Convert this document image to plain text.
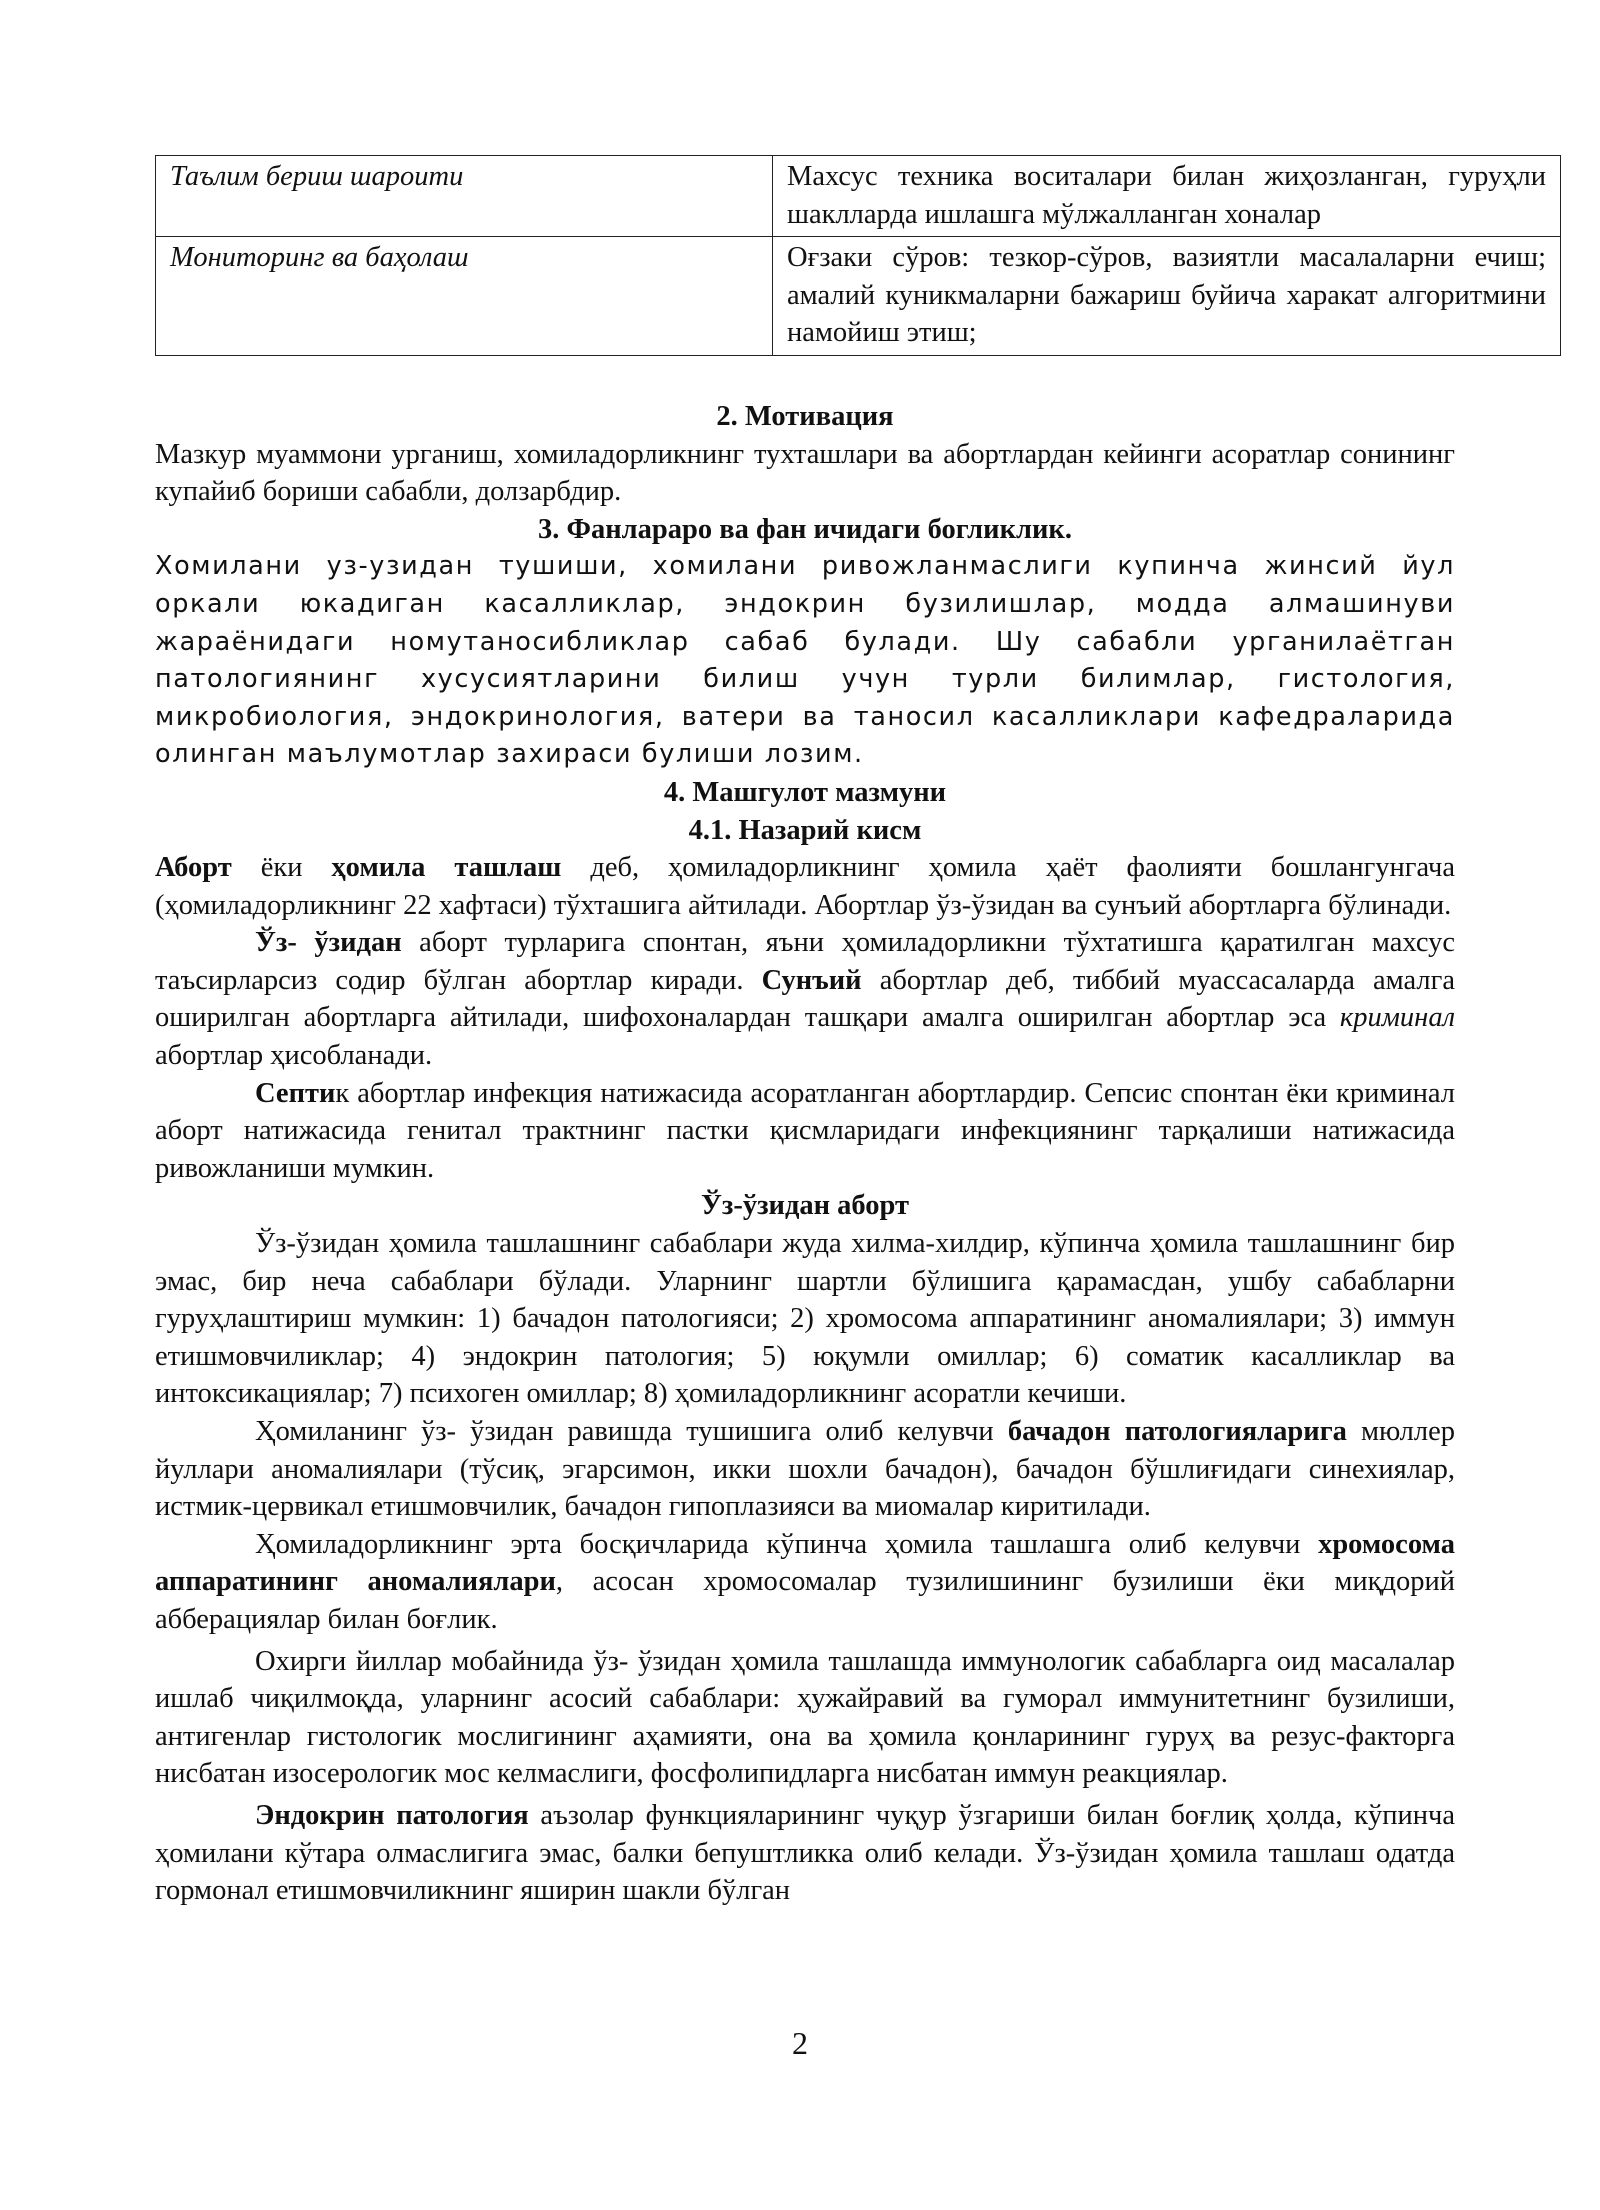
Таълим бериш шароити	Махсус техника воситалари билан жиҳозланган, гуруҳли шаклларда ишлашга мўлжалланган хоналар
Мониторинг ва баҳолаш	Оғзаки сўров: тезкор-сўров, вазиятли масалаларни ечиш; амалий куникмаларни бажариш буйича харакат алгоритмини намойиш этиш;
2. Мотивация

Мазкур муаммони урганиш, хомиладорликнинг тухташлари ва абортлардан кейинги асоратлар сонининг купайиб бориши сабабли, долзарбдир.

3. Фанлараро ва фан ичидаги богликлик.

Хомилани уз-узидан тушиши, хомилани ривожланмаслиги купинча жинсий йул оркали юкадиган касалликлар, эндокрин бузилишлар, модда алмашинуви жараёнидаги номутаносибликлар сабаб булади. Шу сабабли урганилаётган патологиянинг хусусиятларини билиш учун турли билимлар, гистология, микробиология, эндокринология, ватери ва таносил касалликлари кафедраларида олинган маълумотлар захираси булиши лозим.

4. Машгулот мазмуни
4.1. Назарий кисм

Аборт ёки ҳомила ташлаш деб, ҳомиладорликнинг ҳомила ҳаёт фаолияти бошлангунгача (ҳомиладорликнинг 22 хафтаси) тўхташига айтилади. Абортлар ўз-ўзидан ва сунъий абортларга бўлинади.

Ўз- ўзидан аборт турларига спонтан, яъни ҳомиладорликни тўхтатишга қаратилган махсус таъсирларсиз содир бўлган абортлар киради. Сунъий абортлар деб, тиббий муассасаларда амалга оширилган абортларга айтилади, шифохоналардан ташқари амалга оширилган абортлар эса криминал абортлар ҳисобланади.

Септик абортлар инфекция натижасида асоратланган абортлардир. Сепсис спонтан ёки криминал аборт натижасида генитал трактнинг пастки қисмларидаги инфекциянинг тарқалиши натижасида ривожланиши мумкин.

Ўз-ўзидан аборт

Ўз-ўзидан ҳомила ташлашнинг сабаблари жуда хилма-хилдир, кўпинча ҳомила ташлашнинг бир эмас, бир неча сабаблари бўлади. Уларнинг шартли бўлишига қарамасдан, ушбу сабабларни гуруҳлаштириш мумкин: 1) бачадон патологияси; 2) хромосома аппаратининг аномалиялари; 3) иммун етишмовчиликлар; 4) эндокрин патология; 5) юқумли омиллар; 6) соматик касалликлар ва интоксикациялар; 7) психоген омиллар; 8) ҳомиладорликнинг асоратли кечиши.

Ҳомиланинг ўз- ўзидан равишда тушишига олиб келувчи бачадон патологияларига мюллер йуллари аномалиялари (тўсиқ, эгарсимон, икки шохли бачадон), бачадон бўшлиғидаги синехиялар, истмик-цервикал етишмовчилик, бачадон гипоплазияси ва миомалар киритилади.

Ҳомиладорликнинг эрта босқичларида кўпинча ҳомила ташлашга олиб келувчи хромосома аппаратининг аномалиялари, асосан хромосомалар тузилишининг бузилиши ёки миқдорий абберациялар билан боғлик.

Охирги йиллар мобайнида ўз- ўзидан ҳомила ташлашда иммунологик сабабларга оид масалалар ишлаб чиқилмоқда, уларнинг асосий сабаблари: ҳужайравий ва гуморал иммунитетнинг бузилиши, антигенлар гистологик мослигининг аҳамияти, она ва ҳомила қонларининг гуруҳ ва резус-факторга нисбатан изосерологик мос келмаслиги, фосфолипидларга нисбатан иммун реакциялар.

Эндокрин патология аъзолар функцияларининг чуқур ўзгариши билан боғлиқ ҳолда, кўпинча ҳомилани кўтара олмаслигига эмас, балки бепуштликка олиб келади. Ўз-ўзидан ҳомила ташлаш одатда гормонал етишмовчиликнинг яширин шакли бўлган

2
